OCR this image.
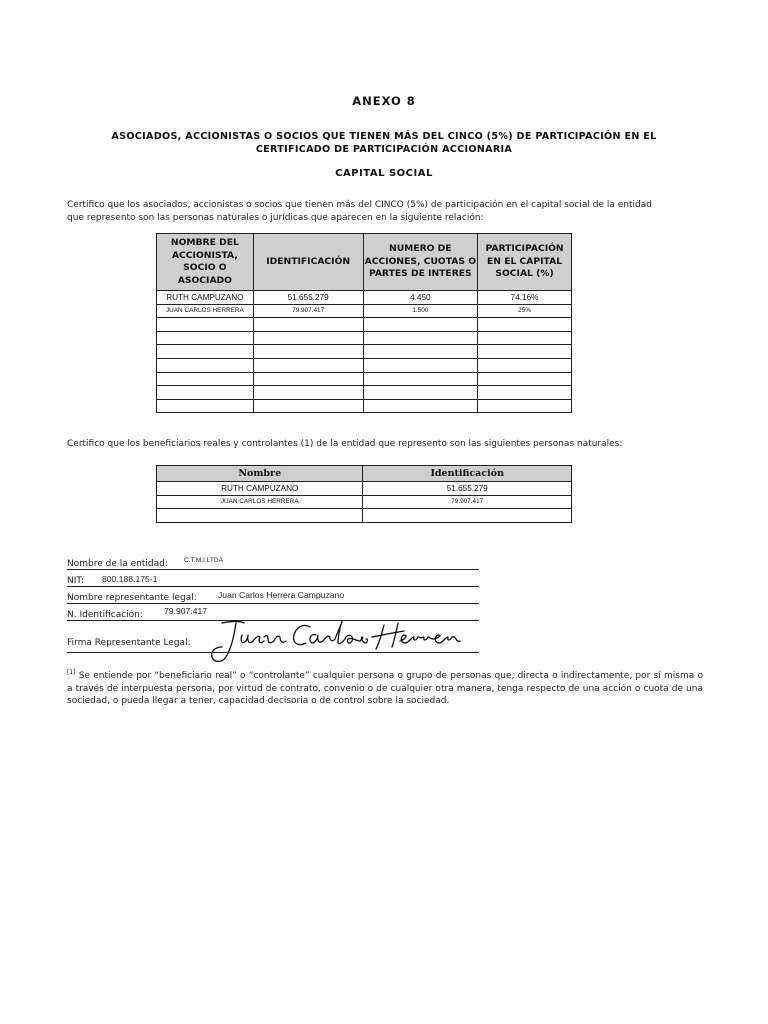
ANEXO 8
ASOCIADOS, ACCIONISTAS O SOCIOS QUE TIENEN MÁS DEL CINCO (5%) DE PARTICIPACIÓN EN EL
CERTIFICADO DE PARTICIPACIÓN ACCIONARIA
CAPITAL SOCIAL
Certifico que los asociados, accionistas o socios que tienen más del CINCO (5%) de participación en el capital social de la entidad
que represento son las personas naturales o jurídicas que aparecen en la siguiente relación:
NOMBRE DEL ACCIONISTA, SOCIO O ASOCIADO	IDENTIFICACIÓN	NUMERO DE ACCIONES, CUOTAS O PARTES DE INTERES	PARTICIPACIÓN EN EL CAPITAL SOCIAL (%)
RUTH CAMPUZANO	51.655.279	4.450	74.16%
JUAN CARLOS HERRERA	79.907.417	1.500	25%

Certifico que los beneficiarios reales y controlantes (1) de la entidad que represento son las siguientes personas naturales:
Nombre	Identificación
RUTH CAMPUZANO	51.655.279
JUAN CARLOS HERRERA	79.907.417

Nombre de la entidad: C.T.M.I LTDA
NIT: 800.188.175-1
Nombre representante legal: Juan Carlos Herrera Campuzano
N. Identificación: 79.907.417
Firma Representante Legal:
[1] Se entiende por “beneficiario real” o “controlante” cualquier persona o grupo de personas que, directa o indirectamente, por sí misma o a través de interpuesta persona, por virtud de contrato, convenio o de cualquier otra manera, tenga respecto de una acción o cuota de una sociedad, o pueda llegar a tener, capacidad decisoria o de control sobre la sociedad.
